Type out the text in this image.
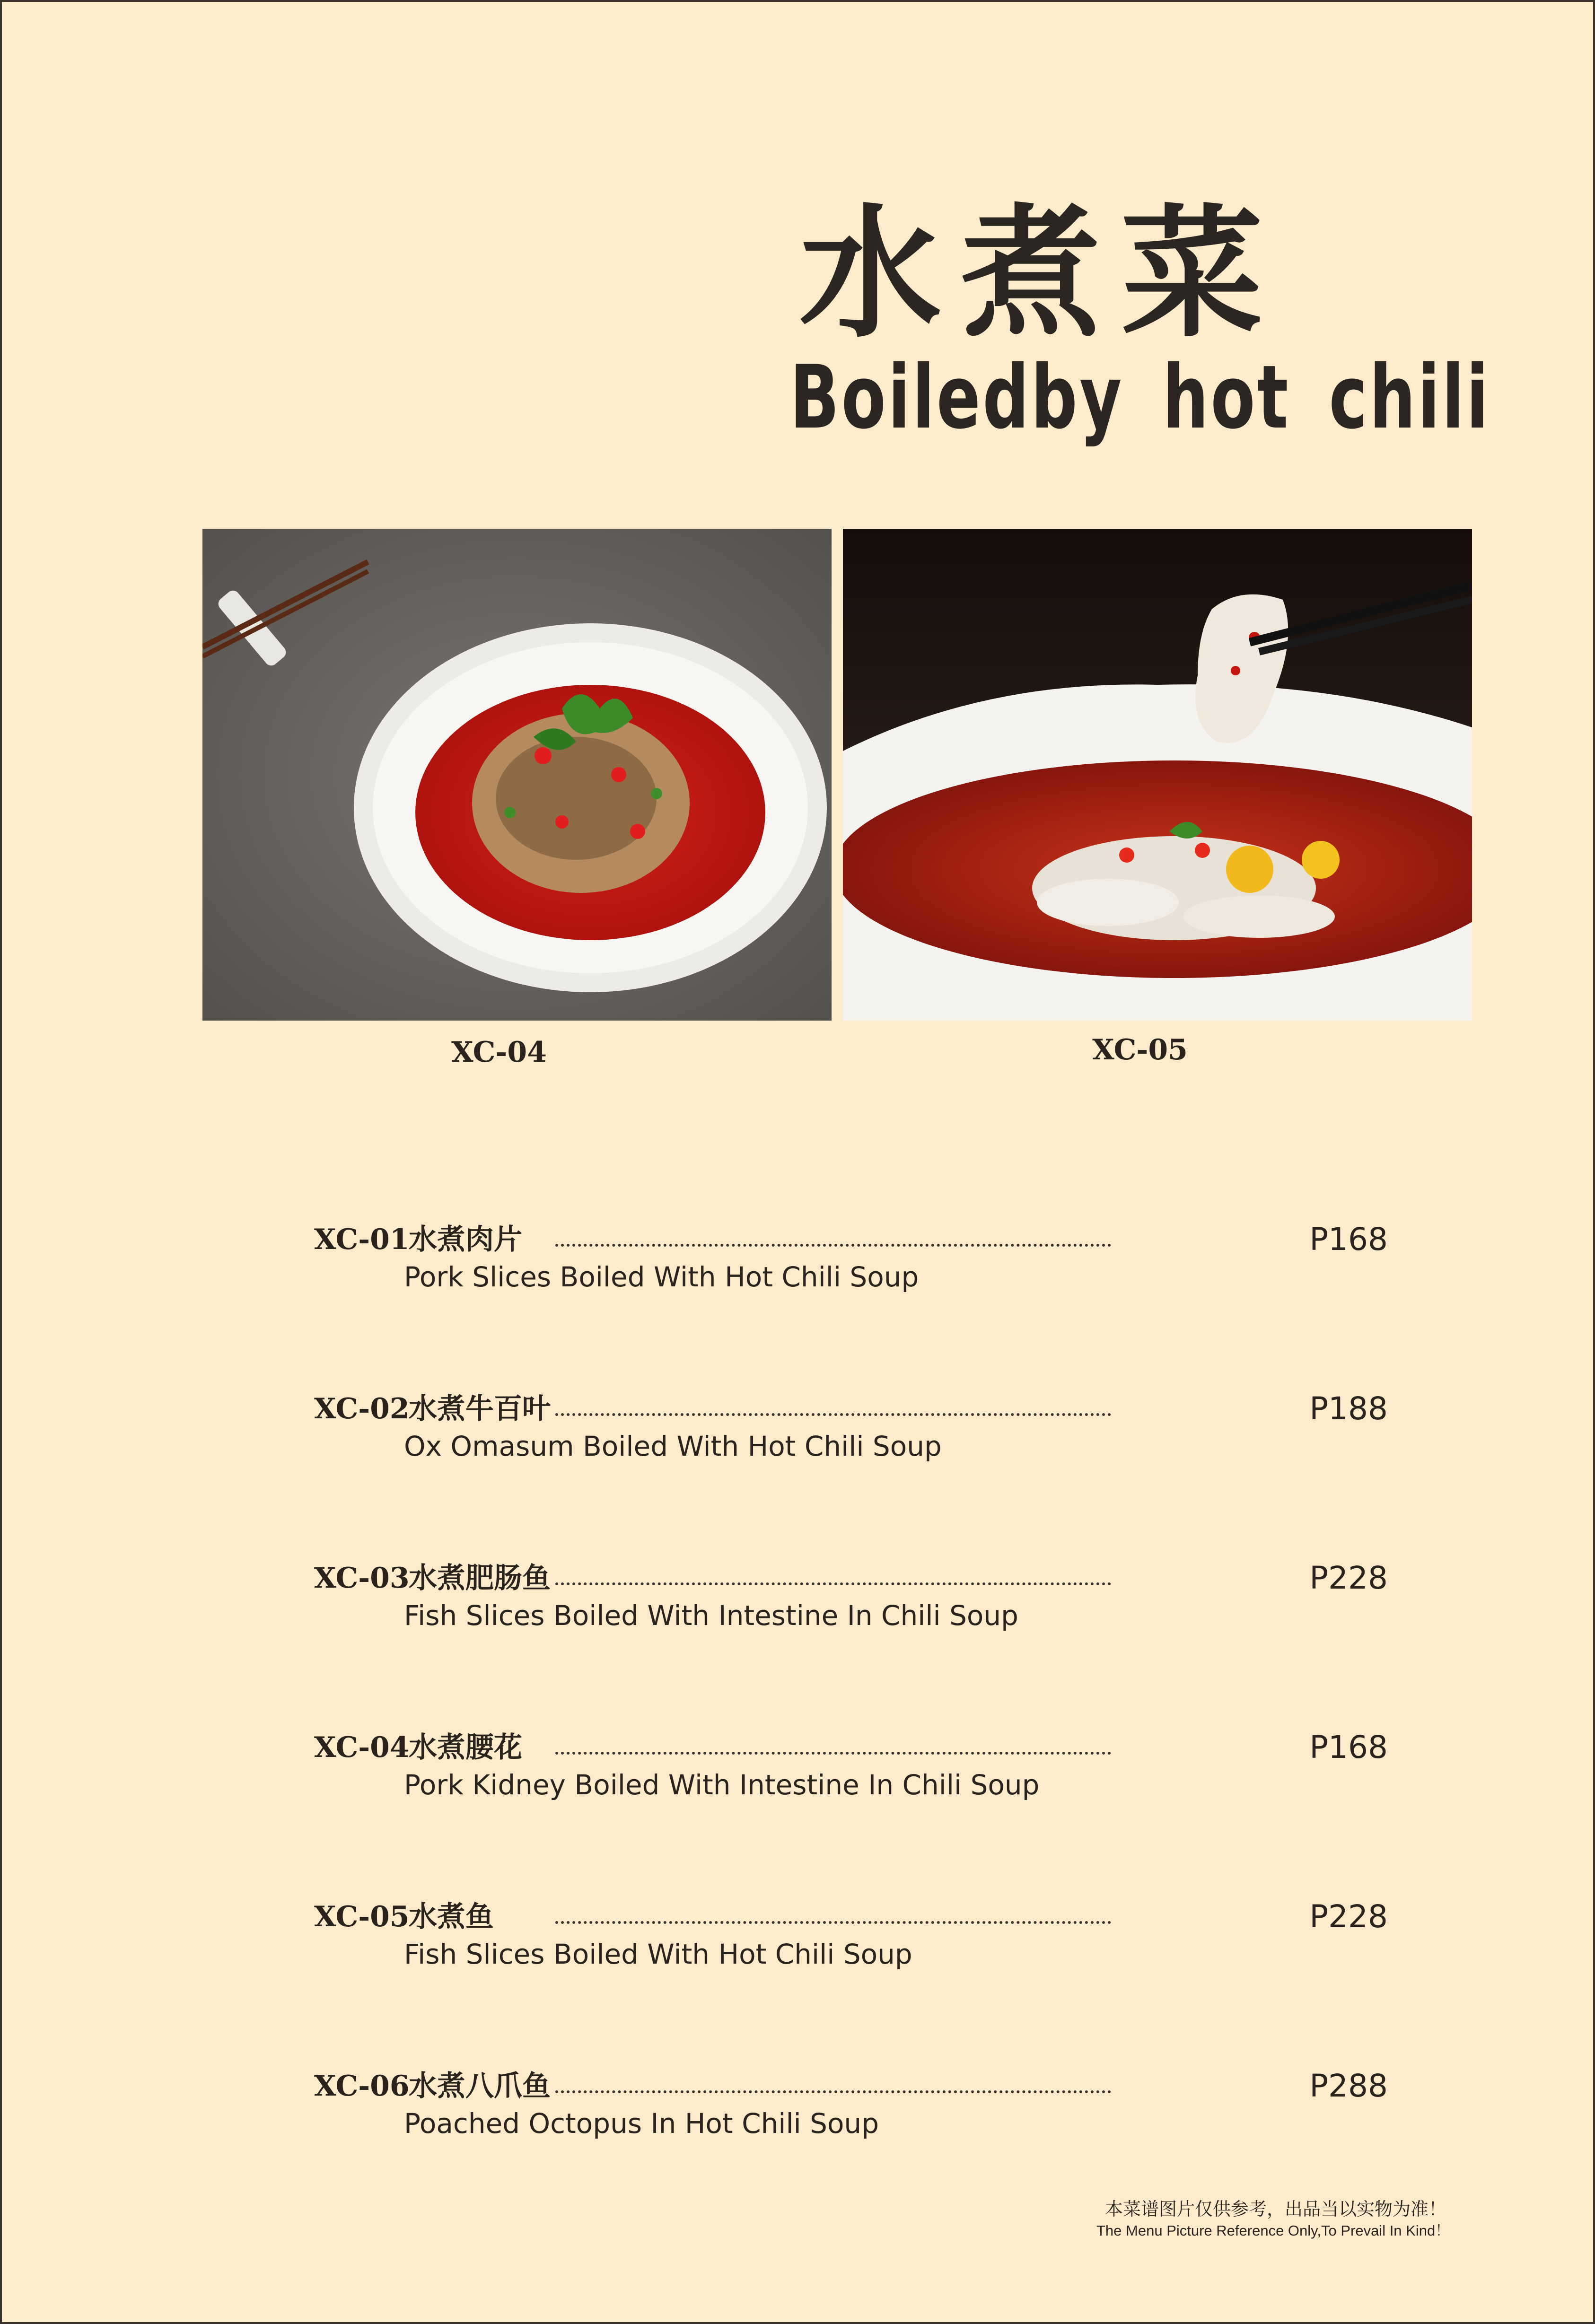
水煮菜
Boiledby hot chili
XC-04	XC-05
XC-01
水煮肉片	P168
Pork Slices Boiled With Hot Chili Soup
XC-02
水煮牛百叶	P188
Ox Omasum Boiled With Hot Chili Soup
XC-03
水煮肥肠鱼	P228
Fish Slices Boiled With Intestine In Chili Soup
XC-04
水煮腰花	P168
Pork Kidney Boiled With Intestine In Chili Soup
XC-05
水煮鱼	P228
Fish Slices Boiled With Hot Chili Soup
XC-06
水煮八爪鱼	P288
Poached Octopus In Hot Chili Soup
本菜谱图片仅供参考，出品当以实物为准！
The Menu Picture Reference Only,To Prevail In Kind！
